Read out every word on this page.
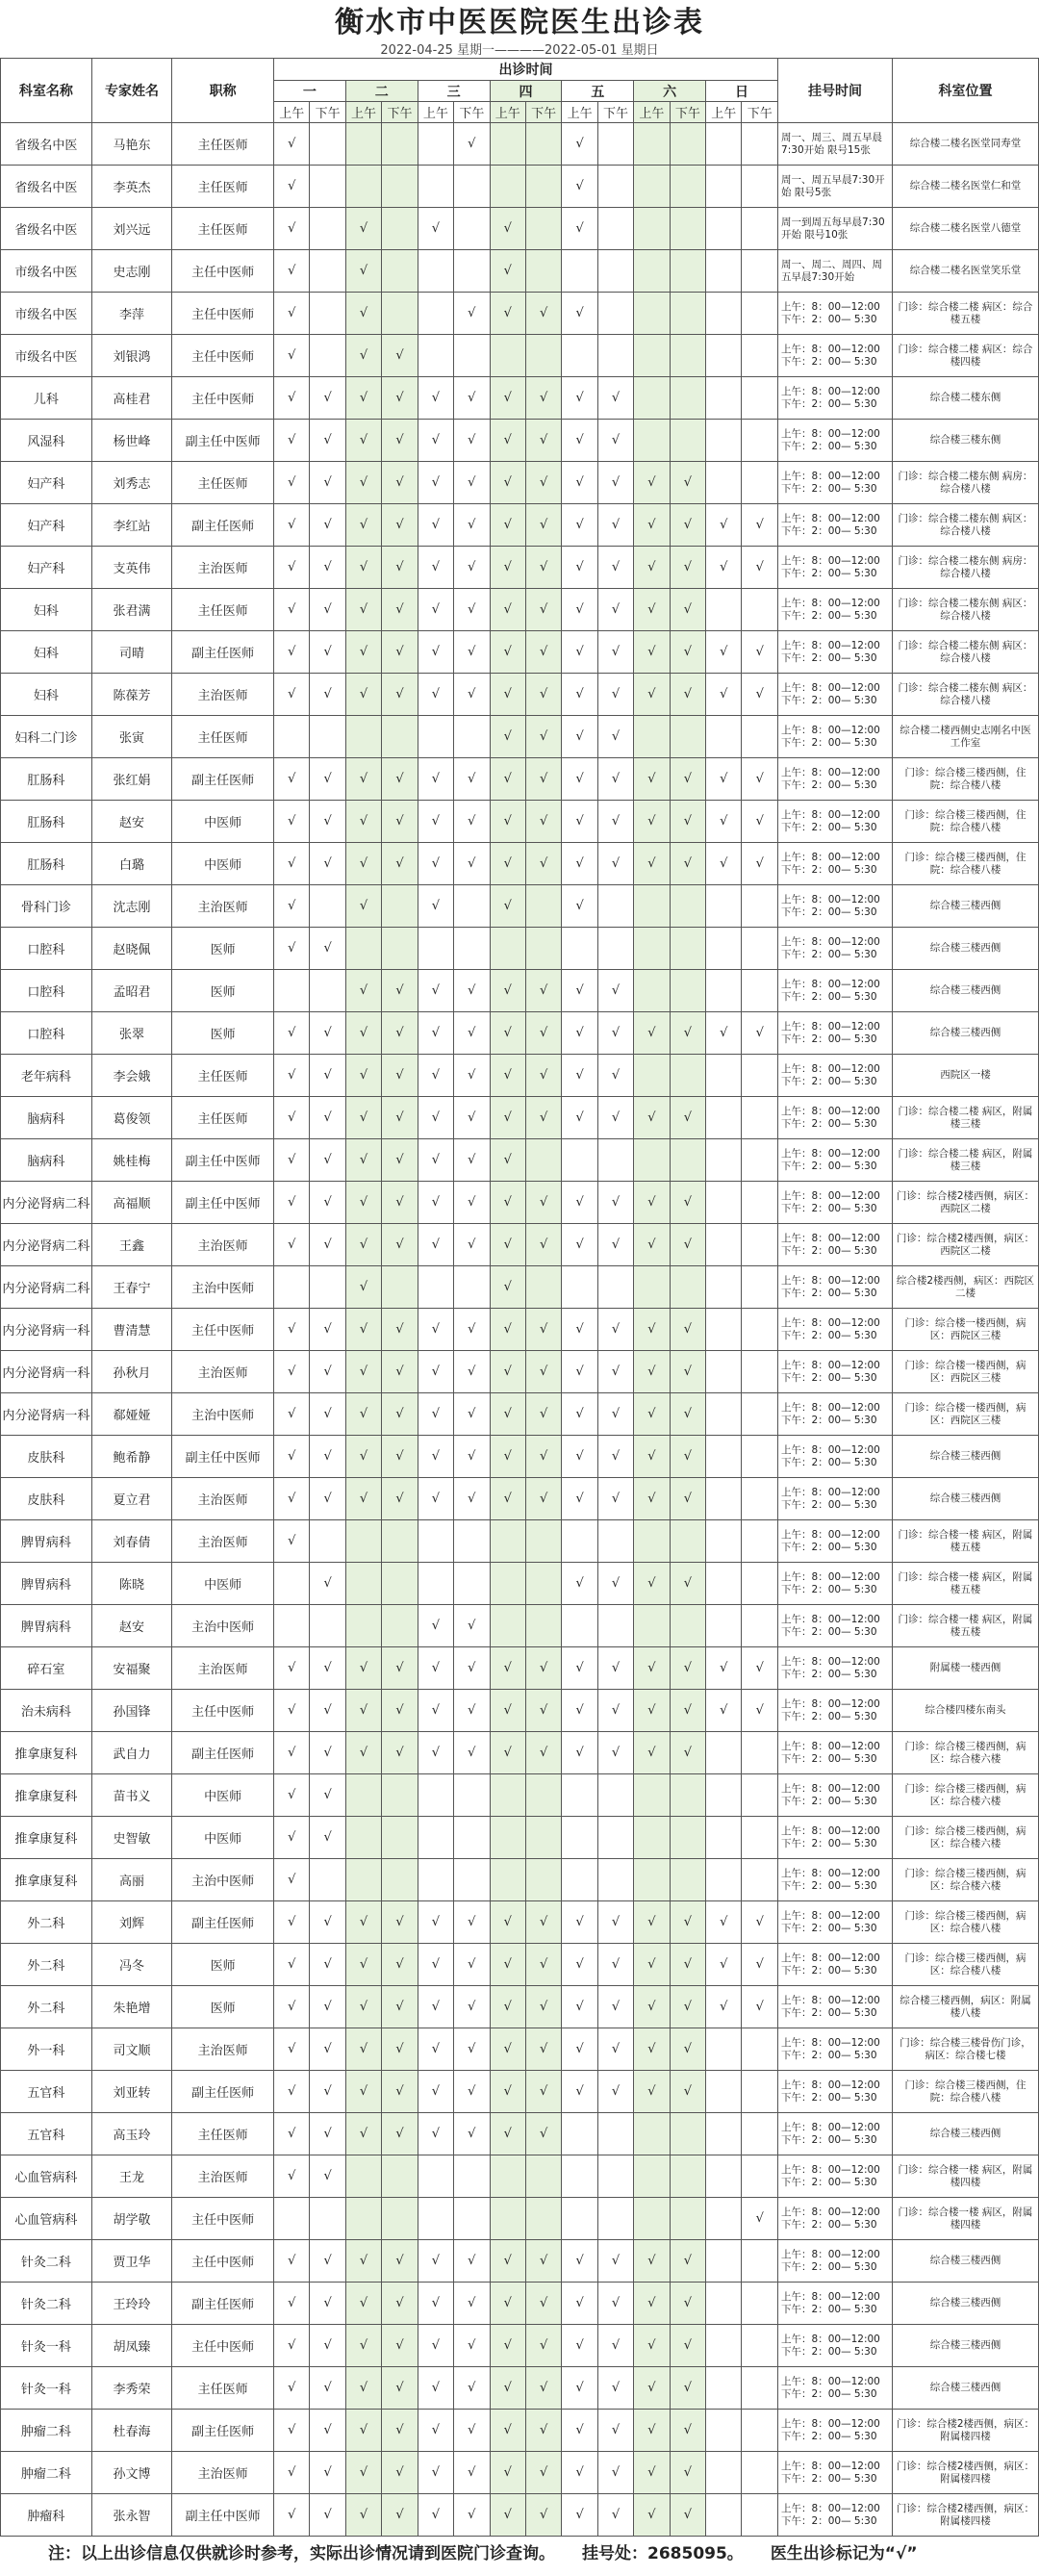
衡水市中医医院医生出诊表
2022-04-25 星期一————2022-05-01 星期日
科室名称	专家姓名	职称	出诊时间														挂号时间	科室位置
			一		二		三		四		五		六		日			
			上午	下午	上午	下午	上午	下午	上午	下午	上午	下午	上午	下午	上午	下午		
省级名中医	马艳东	主任医师	√					√			√						周一、周三、周五早晨7:30开始 限号15张	综合楼二楼名医堂同寿堂
省级名中医	李英杰	主任医师	√								√						周一、周五早晨7:30开始 限号5张	综合楼二楼名医堂仁和堂
省级名中医	刘兴远	主任医师	√		√		√		√		√						周一到周五每早晨7:30开始 限号10张	综合楼二楼名医堂八德堂
市级名中医	史志刚	主任中医师	√		√				√								周一、周二、周四、周五早晨7:30开始	综合楼二楼名医堂笑乐堂
市级名中医	李萍	主任中医师	√		√			√	√	√	√						上午：8：00—12:00
下午：2：00— 5:30	门诊：综合楼二楼 病区：综合楼五楼
市级名中医	刘银鸿	主任中医师	√		√	√											上午：8：00—12:00
下午：2：00— 5:30	门诊：综合楼二楼 病区：综合楼四楼
儿科	高桂君	主任中医师	√	√	√	√	√	√	√	√	√	√					上午：8：00—12:00
下午：2：00— 5:30	综合楼二楼东侧
风湿科	杨世峰	副主任中医师	√	√	√	√	√	√	√	√	√	√					上午：8：00—12:00
下午：2：00— 5:30	综合楼三楼东侧
妇产科	刘秀志	主任医师	√	√	√	√	√	√	√	√	√	√	√	√			上午：8：00—12:00
下午：2：00— 5:30	门诊：综合楼二楼东侧 病房：综合楼八楼
妇产科	李红站	副主任医师	√	√	√	√	√	√	√	√	√	√	√	√	√	√	上午：8：00—12:00
下午：2：00— 5:30	门诊：综合楼二楼东侧 病区：综合楼八楼
妇产科	支英伟	主治医师	√	√	√	√	√	√	√	√	√	√	√	√	√	√	上午：8：00—12:00
下午：2：00— 5:30	门诊：综合楼二楼东侧 病房：综合楼八楼
妇科	张君满	主任医师	√	√	√	√	√	√	√	√	√	√	√	√			上午：8：00—12:00
下午：2：00— 5:30	门诊：综合楼二楼东侧 病区：综合楼八楼
妇科	司晴	副主任医师	√	√	√	√	√	√	√	√	√	√	√	√	√	√	上午：8：00—12:00
下午：2：00— 5:30	门诊：综合楼二楼东侧 病区：综合楼八楼
妇科	陈葆芳	主治医师	√	√	√	√	√	√	√	√	√	√	√	√	√	√	上午：8：00—12:00
下午：2：00— 5:30	门诊：综合楼二楼东侧 病区：综合楼八楼
妇科二门诊	张寅	主任医师							√	√	√	√					上午：8：00—12:00
下午：2：00— 5:30	综合楼二楼西侧史志刚名中医工作室
肛肠科	张红娟	副主任医师	√	√	√	√	√	√	√	√	√	√	√	√	√	√	上午：8：00—12:00
下午：2：00— 5:30	门诊：综合楼三楼西侧，住院：综合楼八楼
肛肠科	赵安	中医师	√	√	√	√	√	√	√	√	√	√	√	√	√	√	上午：8：00—12:00
下午：2：00— 5:30	门诊：综合楼三楼西侧，住院：综合楼八楼
肛肠科	白璐	中医师	√	√	√	√	√	√	√	√	√	√	√	√	√	√	上午：8：00—12:00
下午：2：00— 5:30	门诊：综合楼三楼西侧，住院：综合楼八楼
骨科门诊	沈志刚	主治医师	√		√		√		√		√						上午：8：00—12:00
下午：2：00— 5:30	综合楼三楼西侧
口腔科	赵晓佩	医师	√	√													上午：8：00—12:00
下午：2：00— 5:30	综合楼三楼西侧
口腔科	孟昭君	医师			√	√	√	√	√	√	√	√					上午：8：00—12:00
下午：2：00— 5:30	综合楼三楼西侧
口腔科	张翠	医师	√	√	√	√	√	√	√	√	√	√	√	√	√	√	上午：8：00—12:00
下午：2：00— 5:30	综合楼三楼西侧
老年病科	李会娥	主任医师	√	√	√	√	√	√	√	√	√	√					上午：8：00—12:00
下午：2：00— 5:30	西院区一楼
脑病科	葛俊领	主任医师	√	√	√	√	√	√	√	√	√	√	√	√			上午：8：00—12:00
下午：2：00— 5:30	门诊：综合楼二楼 病区，附属楼三楼
脑病科	姚桂梅	副主任中医师	√	√	√	√	√	√	√								上午：8：00—12:00
下午：2：00— 5:30	门诊：综合楼二楼 病区，附属楼三楼
内分泌肾病二科	高福顺	副主任中医师	√	√	√	√	√	√	√	√	√	√	√	√			上午：8：00—12:00
下午：2：00— 5:30	门诊：综合楼2楼西侧，病区：西院区二楼
内分泌肾病二科	王鑫	主治医师	√	√	√	√	√	√	√	√	√	√	√	√			上午：8：00—12:00
下午：2：00— 5:30	门诊：综合楼2楼西侧，病区：西院区二楼
内分泌肾病二科	王春宁	主治中医师			√				√								上午：8：00—12:00
下午：2：00— 5:30	综合楼2楼西侧，病区：西院区二楼
内分泌肾病一科	曹清慧	主任中医师	√	√	√	√	√	√	√	√	√	√	√	√			上午：8：00—12:00
下午：2：00— 5:30	门诊：综合楼一楼西侧，病区：西院区三楼
内分泌肾病一科	孙秋月	主治医师	√	√	√	√	√	√	√	√	√	√	√	√			上午：8：00—12:00
下午：2：00— 5:30	门诊：综合楼一楼西侧，病区：西院区三楼
内分泌肾病一科	郗娅娅	主治中医师	√	√	√	√	√	√	√	√	√	√	√	√			上午：8：00—12:00
下午：2：00— 5:30	门诊：综合楼一楼西侧，病区：西院区三楼
皮肤科	鲍希静	副主任中医师	√	√	√	√	√	√	√	√	√	√	√	√			上午：8：00—12:00
下午：2：00— 5:30	综合楼三楼西侧
皮肤科	夏立君	主治医师	√	√	√	√	√	√	√	√	√	√	√	√			上午：8：00—12:00
下午：2：00— 5:30	综合楼三楼西侧
脾胃病科	刘春倩	主治医师	√														上午：8：00—12:00
下午：2：00— 5:30	门诊：综合楼一楼 病区，附属楼五楼
脾胃病科	陈晓	中医师		√							√	√	√	√			上午：8：00—12:00
下午：2：00— 5:30	门诊：综合楼一楼 病区，附属楼五楼
脾胃病科	赵安	主治中医师					√	√									上午：8：00—12:00
下午：2：00— 5:30	门诊：综合楼一楼 病区，附属楼五楼
碎石室	安福聚	主治医师	√	√	√	√	√	√	√	√	√	√	√	√	√	√	上午：8：00—12:00
下午：2：00— 5:30	附属楼一楼西侧
治未病科	孙国锋	主任中医师	√	√	√	√	√	√	√	√	√	√	√	√	√	√	上午：8：00—12:00
下午：2：00— 5:30	综合楼四楼东南头
推拿康复科	武自力	副主任医师	√	√	√	√	√	√	√	√	√	√	√	√			上午：8：00—12:00
下午：2：00— 5:30	门诊：综合楼三楼西侧，病区：综合楼六楼
推拿康复科	苗书义	中医师	√	√													上午：8：00—12:00
下午：2：00— 5:30	门诊：综合楼三楼西侧，病区：综合楼六楼
推拿康复科	史智敏	中医师	√	√													上午：8：00—12:00
下午：2：00— 5:30	门诊：综合楼三楼西侧，病区：综合楼六楼
推拿康复科	高丽	主治中医师	√														上午：8：00—12:00
下午：2：00— 5:30	门诊：综合楼三楼西侧，病区：综合楼六楼
外二科	刘辉	副主任医师	√	√	√	√	√	√	√	√	√	√	√	√	√	√	上午：8：00—12:00
下午：2：00— 5:30	门诊：综合楼三楼西侧，病区：综合楼八楼
外二科	冯冬	医师	√	√	√	√	√	√	√	√	√	√	√	√	√	√	上午：8：00—12:00
下午：2：00— 5:30	门诊：综合楼三楼西侧，病区：综合楼八楼
外二科	朱艳增	医师	√	√	√	√	√	√	√	√	√	√	√	√	√	√	上午：8：00—12:00
下午：2：00— 5:30	综合楼三楼西侧，病区：附属楼八楼
外一科	司文顺	主治医师	√	√	√	√	√	√	√	√	√	√	√	√			上午：8：00—12:00
下午：2：00— 5:30	门诊：综合楼三楼骨伤门诊，病区：综合楼七楼
五官科	刘亚转	副主任医师	√	√	√	√	√	√	√	√	√	√	√	√			上午：8：00—12:00
下午：2：00— 5:30	门诊：综合楼三楼西侧，住院：综合楼八楼
五官科	高玉玲	主任医师	√	√	√	√	√	√	√	√							上午：8：00—12:00
下午：2：00— 5:30	综合楼三楼西侧
心血管病科	王龙	主治医师	√	√													上午：8：00—12:00
下午：2：00— 5:30	门诊：综合楼一楼 病区，附属楼四楼
心血管病科	胡学敬	主任中医师														√	上午：8：00—12:00
下午：2：00— 5:30	门诊：综合楼一楼 病区，附属楼四楼
针灸二科	贾卫华	主任中医师	√	√	√	√	√	√	√	√	√	√	√	√			上午：8：00—12:00
下午：2：00— 5:30	综合楼三楼西侧
针灸二科	王玲玲	副主任医师	√	√	√	√	√	√	√	√	√	√	√	√			上午：8：00—12:00
下午：2：00— 5:30	综合楼三楼西侧
针灸一科	胡凤臻	主任中医师	√	√	√	√	√	√	√	√	√	√	√	√			上午：8：00—12:00
下午：2：00— 5:30	综合楼三楼西侧
针灸一科	李秀荣	主任医师	√	√	√	√	√	√	√	√	√	√	√	√			上午：8：00—12:00
下午：2：00— 5:30	综合楼三楼西侧
肿瘤二科	杜春海	副主任医师	√	√	√	√	√	√	√	√	√	√	√	√			上午：8：00—12:00
下午：2：00— 5:30	门诊：综合楼2楼西侧，病区：附属楼四楼
肿瘤二科	孙文博	主治医师	√	√	√	√	√	√	√	√	√	√	√	√			上午：8：00—12:00
下午：2：00— 5:30	门诊：综合楼2楼西侧，病区：附属楼四楼
肿瘤科	张永智	副主任中医师	√	√	√	√	√	√	√	√	√	√	√	√			上午：8：00—12:00
下午：2：00— 5:30	门诊：综合楼2楼西侧，病区：附属楼四楼
注：以上出诊信息仅供就诊时参考，实际出诊情况请到医院门诊查询。 挂号处：2685095。 医生出诊标记为“√”
